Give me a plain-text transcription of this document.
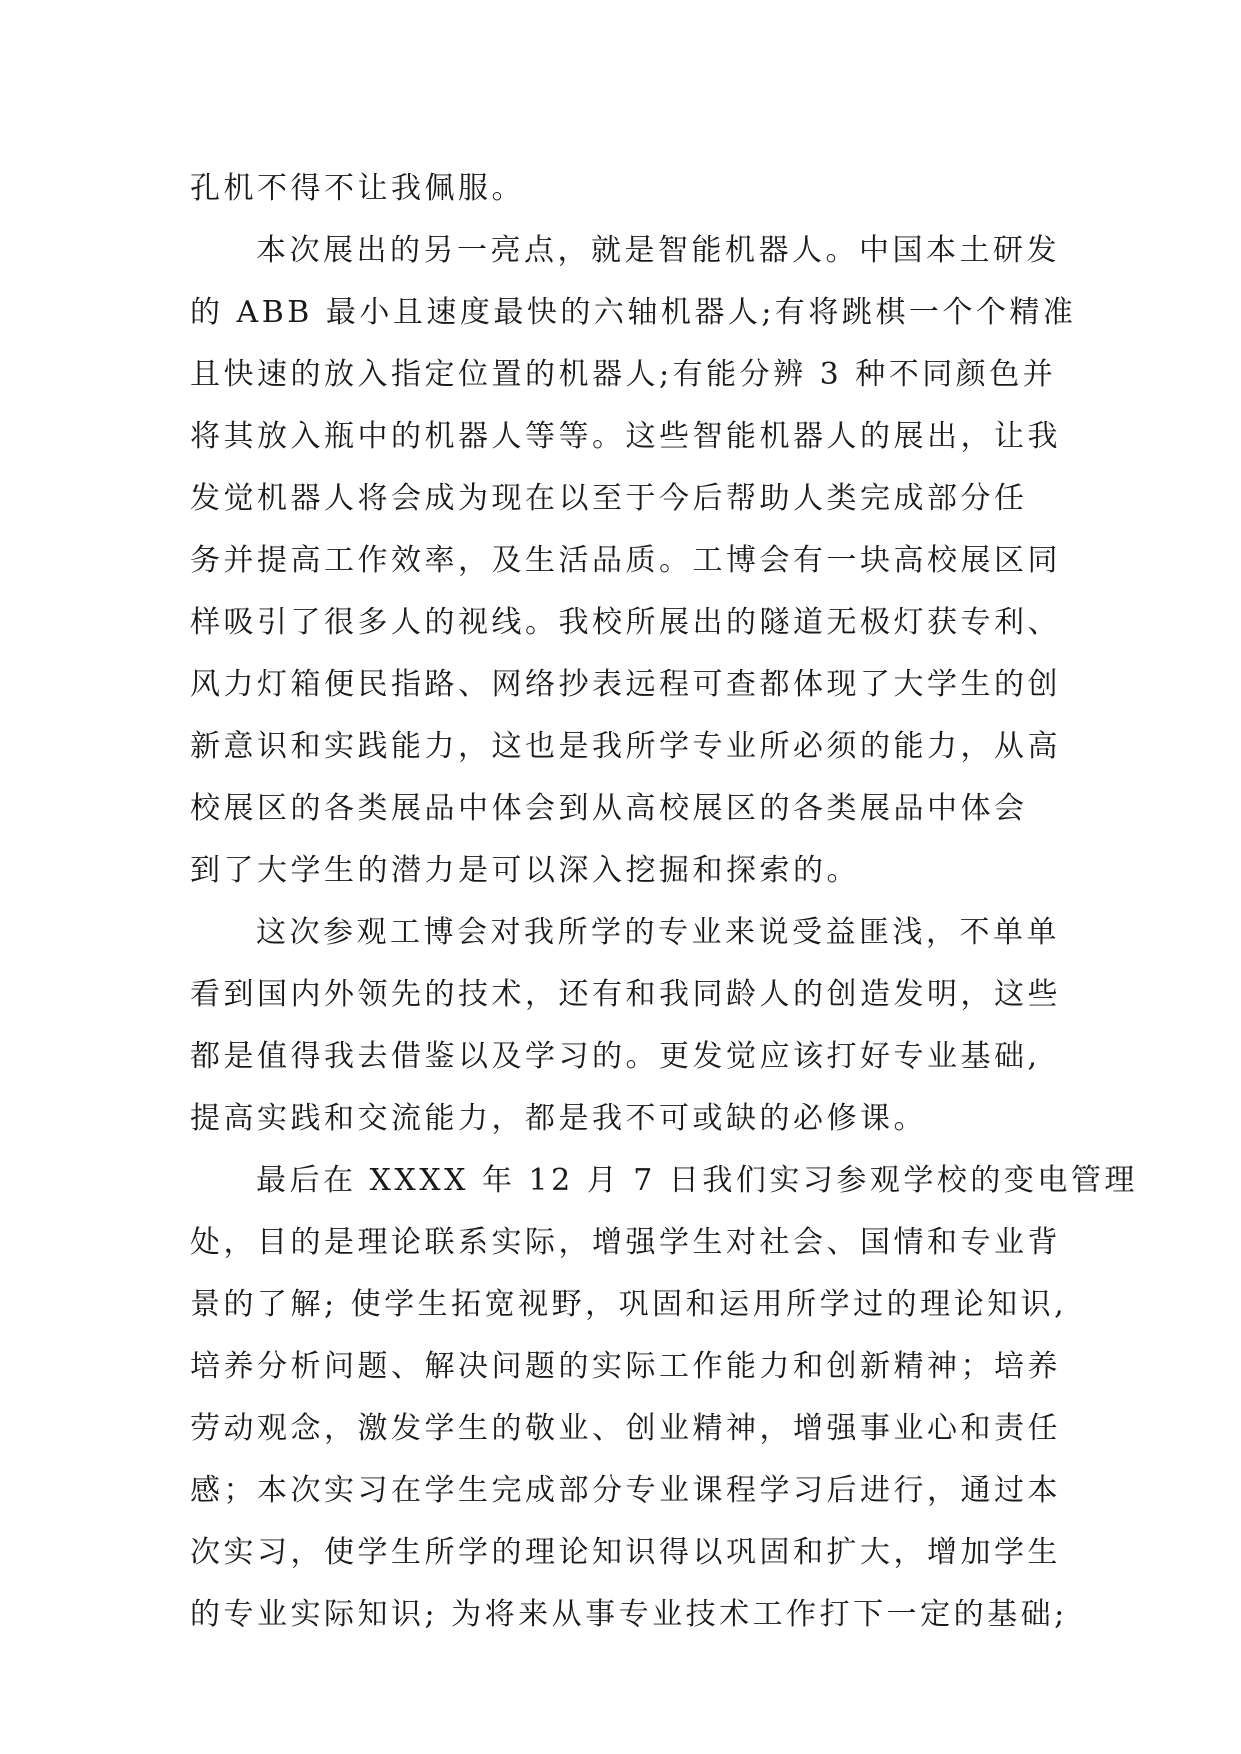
孔机不得不让我佩服。
本次展出的另一亮点，就是智能机器人。中国本土研发
的 ABB 最小且速度最快的六轴机器人;有将跳棋一个个精准
且快速的放入指定位置的机器人;有能分辨 3 种不同颜色并
将其放入瓶中的机器人等等。这些智能机器人的展出，让我
发觉机器人将会成为现在以至于今后帮助人类完成部分任
务并提高工作效率，及生活品质。工博会有一块高校展区同
样吸引了很多人的视线。我校所展出的隧道无极灯获专利、
风力灯箱便民指路、网络抄表远程可查都体现了大学生的创
新意识和实践能力，这也是我所学专业所必须的能力，从高
校展区的各类展品中体会到从高校展区的各类展品中体会
到了大学生的潜力是可以深入挖掘和探索的。
这次参观工博会对我所学的专业来说受益匪浅，不单单
看到国内外领先的技术，还有和我同龄人的创造发明，这些
都是值得我去借鉴以及学习的。更发觉应该打好专业基础,
提高实践和交流能力，都是我不可或缺的必修课。
最后在 XXXX 年 12 月 7 日我们实习参观学校的变电管理
处，目的是理论联系实际，增强学生对社会、国情和专业背
景的了解; 使学生拓宽视野，巩固和运用所学过的理论知识,
培养分析问题、解决问题的实际工作能力和创新精神；培养
劳动观念，激发学生的敬业、创业精神，增强事业心和责任
感；本次实习在学生完成部分专业课程学习后进行，通过本
次实习，使学生所学的理论知识得以巩固和扩大，增加学生
的专业实际知识; 为将来从事专业技术工作打下一定的基础;
